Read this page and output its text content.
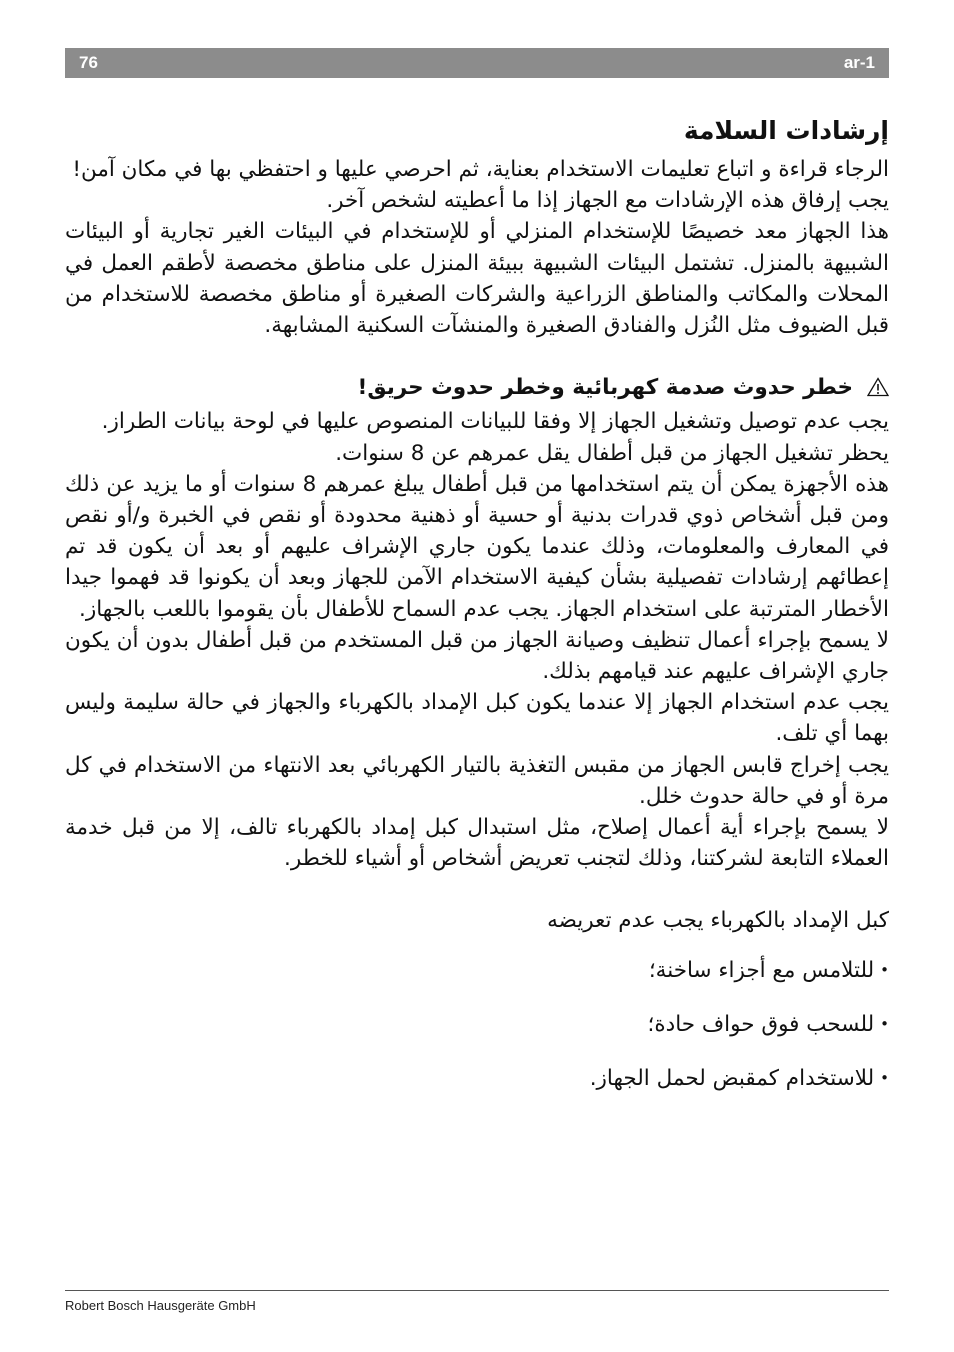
76	ar-1
إرشادات السلامة

الرجاء قراءة و اتباع تعليمات الاستخدام بعناية، ثم احرصي عليها و احتفظي بها في مكان آمن!

يجب إرفاق هذه الإرشادات مع الجهاز إذا ما أعطيته لشخص آخر.

هذا الجهاز معد خصيصًا للإستخدام المنزلي أو للإستخدام في البيئات الغير تجارية أو البيئات الشبيهة بالمنزل. تشتمل البيئات الشبيهة ببيئة المنزل على مناطق مخصصة لأطقم العمل في المحلات والمكاتب والمناطق الزراعية والشركات الصغيرة أو مناطق مخصصة للاستخدام من قبل الضيوف مثل النُزل والفنادق الصغيرة والمنشآت السكنية المشابهة.

خطر حدوث صدمة كهربائية وخطر حدوث حريق!

يجب عدم توصيل وتشغيل الجهاز إلا وفقا للبيانات المنصوص عليها في لوحة بيانات الطراز.

يحظر تشغيل الجهاز من قبل أطفال يقل عمرهم عن 8 سنوات.

هذه الأجهزة يمكن أن يتم استخدامها من قبل أطفال يبلغ عمرهم 8 سنوات أو ما يزيد عن ذلك ومن قبل أشخاص ذوي قدرات بدنية أو حسية أو ذهنية محدودة أو نقص في الخبرة و/أو نقص في المعارف والمعلومات، وذلك عندما يكون جاري الإشراف عليهم أو بعد أن يكون قد تم إعطائهم إرشادات تفصيلية بشأن كيفية الاستخدام الآمن للجهاز وبعد أن يكونوا قد فهموا جيدا الأخطار المترتبة على استخدام الجهاز. يجب عدم السماح للأطفال بأن يقوموا باللعب بالجهاز.

لا يسمح بإجراء أعمال تنظيف وصيانة الجهاز من قبل المستخدم من قبل أطفال بدون أن يكون جاري الإشراف عليهم عند قيامهم بذلك.

يجب عدم استخدام الجهاز إلا عندما يكون كبل الإمداد بالكهرباء والجهاز في حالة سليمة وليس بهما أي تلف.

يجب إخراج قابس الجهاز من مقبس التغذية بالتيار الكهربائي بعد الانتهاء من الاستخدام في كل مرة أو في حالة حدوث خلل.

لا يسمح بإجراء أية أعمال إصلاح، مثل استبدال كبل إمداد بالكهرباء تالف، إلا من قبل خدمة العملاء التابعة لشركتنا، وذلك لتجنب تعريض أشخاص أو أشياء للخطر.

كبل الإمداد بالكهرباء يجب عدم تعريضه

•للتلامس مع أجزاء ساخنة؛
•للسحب فوق حواف حادة؛
•للاستخدام كمقبض لحمل الجهاز.
Robert Bosch Hausgeräte GmbH
